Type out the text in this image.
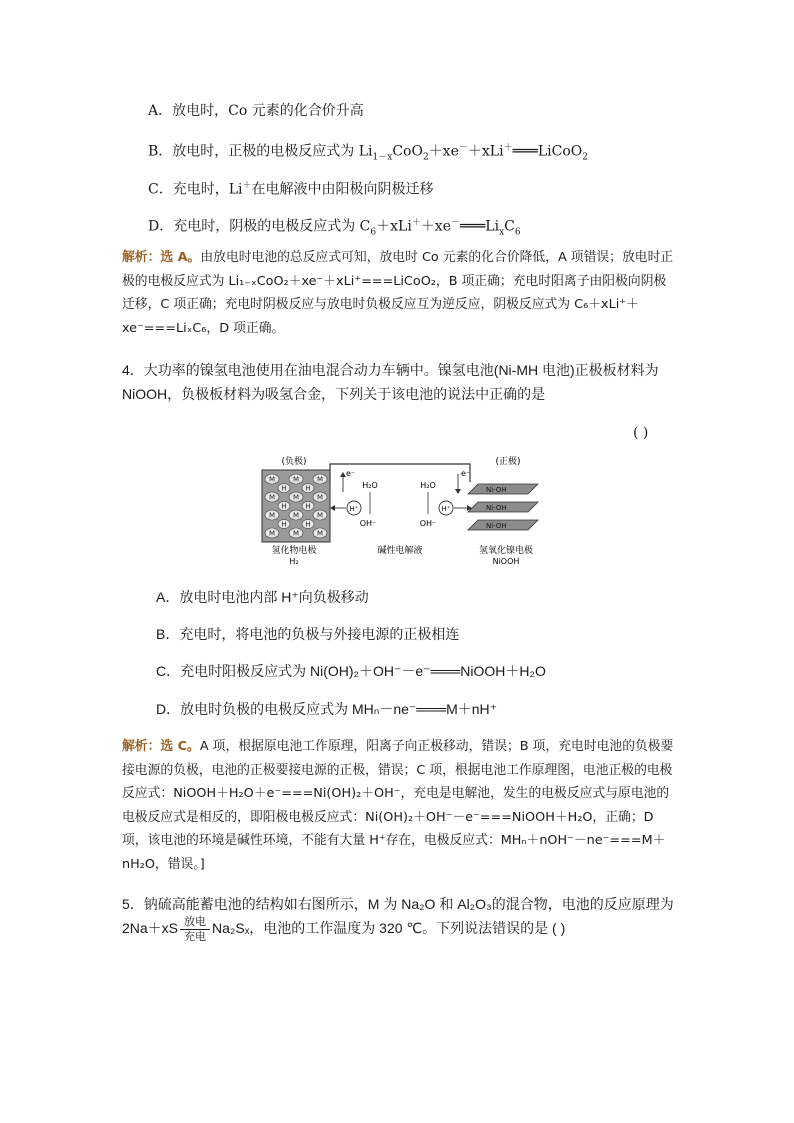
A．放电时，Co 元素的化合价升高
B．放电时，正极的电极反应式为 $Li_{1-x}CoO_2+xe^-+xLi^+═══LiCoO_2$
C．充电时，Li＋在电解液中由阳极向阴极迁移
D．充电时，阴极的电极反应式为 $C_6+xLi^++xe^-═══Li_xC_6$
解析：选 A。由放电时电池的总反应式可知，放电时 Co 元素的化合价降低，A 项错误；放电时正极的电极反应式为 Li₁₋ₓCoO₂＋xe⁻＋xLi⁺===LiCoO₂，B 项正确；充电时阳离子由阳极向阴极迁移，C 项正确；充电时阴极反应与放电时负极反应互为逆反应，阴极反应式为 C₆＋xLi⁺＋xe⁻===LiₓC₆，D 项正确。
4．大功率的镍氢电池使用在油电混合动力车辆中。镍氢电池(Ni-MH 电池)正极板材料为 NiOOH，负极板材料为吸氢合金，下列关于该电池的说法中正确的是
( )
(负极)	(正极)
M	M	M
H	H
M	M	M
H	H
M	M	M
H	H
M	M	M
e⁻	e⁻
H⁺
H₂O
OH⁻
H⁺
H₂O
OH⁻
Ni-OH
Ni-OH
Ni-OH
氢化物电极
H₂
碱性电解液	氢氧化镍电极
NiOOH
A．放电时电池内部 H⁺向负极移动
B．充电时，将电池的负极与外接电源的正极相连
C．充电时阳极反应式为 Ni(OH)₂＋OH⁻－e⁻═══NiOOH＋H₂O
D．放电时负极的电极反应式为 MHₙ－ne⁻═══M＋nH⁺
解析：选 C。A 项，根据原电池工作原理，阳离子向正极移动，错误；B 项，充电时电池的负极要接电源的负极，电池的正极要接电源的正极，错误；C 项，根据电池工作原理图，电池正极的电极反应式：NiOOH＋H₂O＋e⁻===Ni(OH)₂＋OH⁻，充电是电解池，发生的电极反应式与原电池的电极反应式是相反的，即阳极电极反应式：Ni(OH)₂＋OH⁻－e⁻===NiOOH＋H₂O，正确；D 项，该电池的环境是碱性环境，不能有大量 H⁺存在，电极反应式：MHₙ＋nOH⁻－ne⁻===M＋nH₂O，错误。]
5．钠硫高能蓄电池的结构如右图所示，M 为 Na₂O 和 Al₂O₃的混合物，电池的反应原理为 2Na＋xS 放电
充电Na₂Sₓ，电池的工作温度为 320 ℃。下列说法错误的是 ( )
